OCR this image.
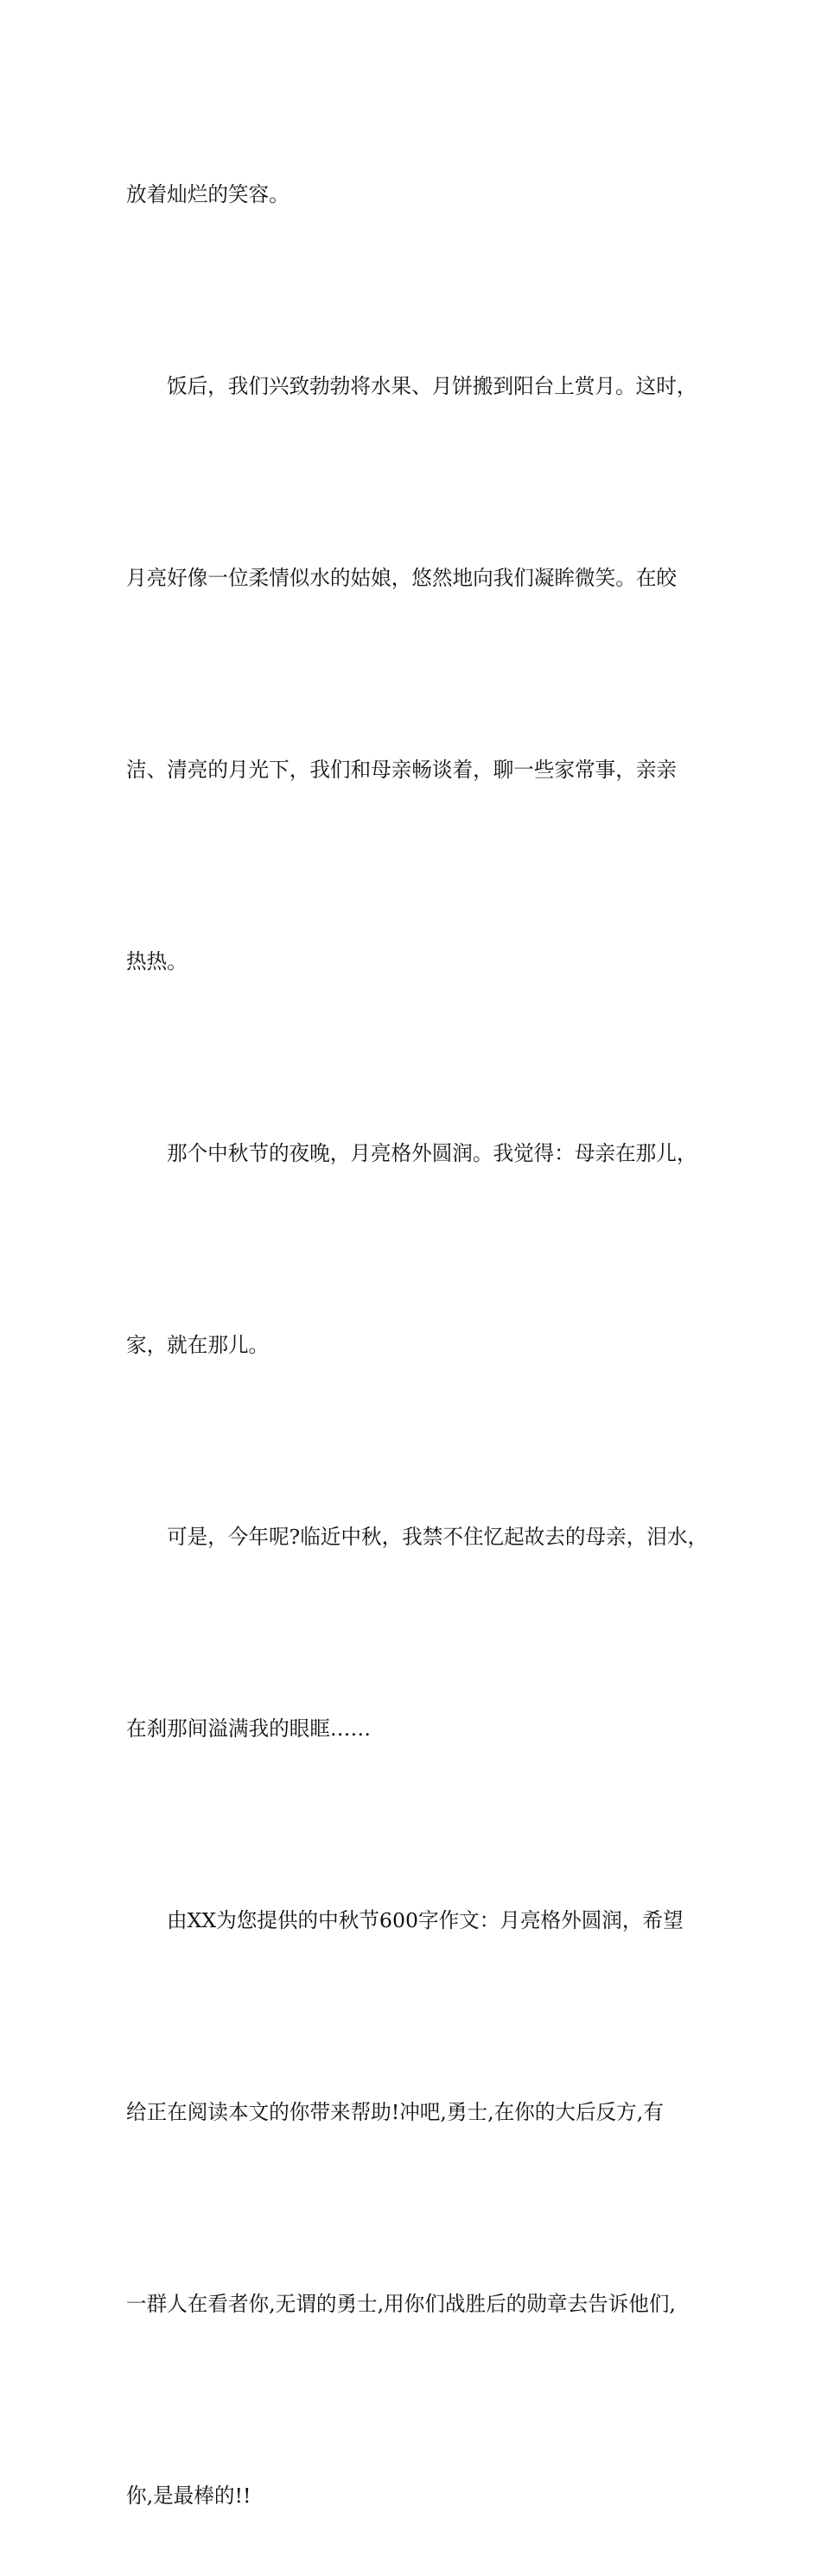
放着灿烂的笑容。

饭后，我们兴致勃勃将水果、月饼搬到阳台上赏月。这时，

月亮好像一位柔情似水的姑娘，悠然地向我们凝眸微笑。在皎

洁、清亮的月光下，我们和母亲畅谈着，聊一些家常事，亲亲

热热。

那个中秋节的夜晚，月亮格外圆润。我觉得：母亲在那儿，

家，就在那儿。

可是，今年呢?临近中秋，我禁不住忆起故去的母亲，泪水，

在刹那间溢满我的眼眶……

由XX为您提供的中秋节600字作文：月亮格外圆润，希望

给正在阅读本文的你带来帮助!冲吧,勇士,在你的大后反方,有

一群人在看者你,无谓的勇士,用你们战胜后的勋章去告诉他们,

你,是最棒的!!
